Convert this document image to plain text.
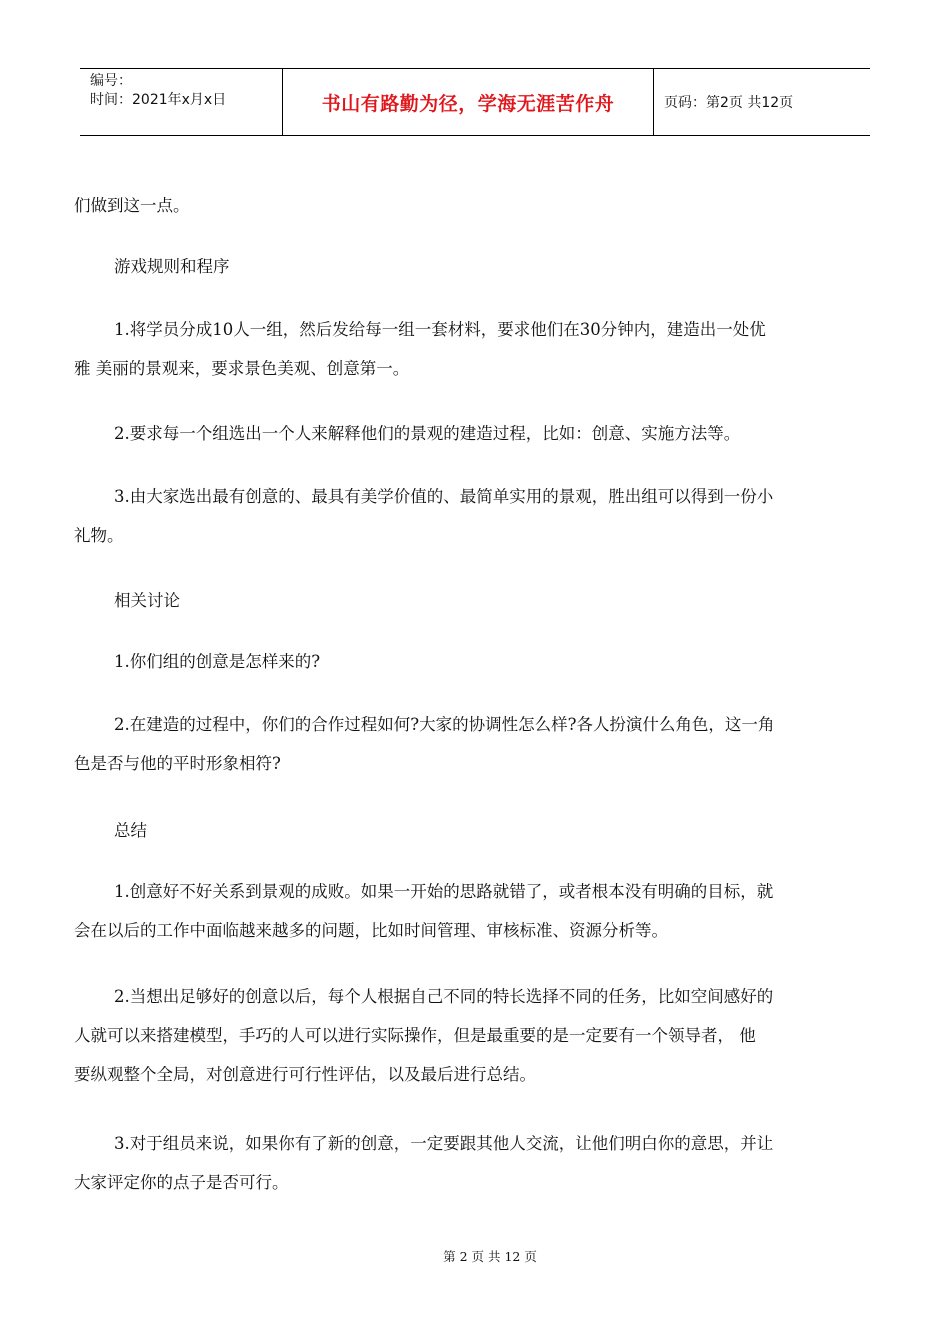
编号：
时间：2021年x月x日	书山有路勤为径，学海无涯苦作舟	页码：第2页 共12页
们做到这一点。
游戏规则和程序
1.将学员分成10人一组，然后发给每一组一套材料，要求他们在30分钟内，建造出一处优
雅 美丽的景观来，要求景色美观、创意第一。
2.要求每一个组选出一个人来解释他们的景观的建造过程，比如：创意、实施方法等。
3.由大家选出最有创意的、最具有美学价值的、最简单实用的景观，胜出组可以得到一份小
礼物。
相关讨论
1.你们组的创意是怎样来的?
2.在建造的过程中，你们的合作过程如何?大家的协调性怎么样?各人扮演什么角色，这一角
色是否与他的平时形象相符?
总结
1.创意好不好关系到景观的成败。如果一开始的思路就错了，或者根本没有明确的目标，就
会在以后的工作中面临越来越多的问题，比如时间管理、审核标准、资源分析等。
2.当想出足够好的创意以后，每个人根据自己不同的特长选择不同的任务，比如空间感好的
人就可以来搭建模型，手巧的人可以进行实际操作，但是最重要的是一定要有一个领导者， 他
要纵观整个全局，对创意进行可行性评估，以及最后进行总结。
3.对于组员来说，如果你有了新的创意，一定要跟其他人交流，让他们明白你的意思，并让
大家评定你的点子是否可行。
第 2 页 共 12 页
